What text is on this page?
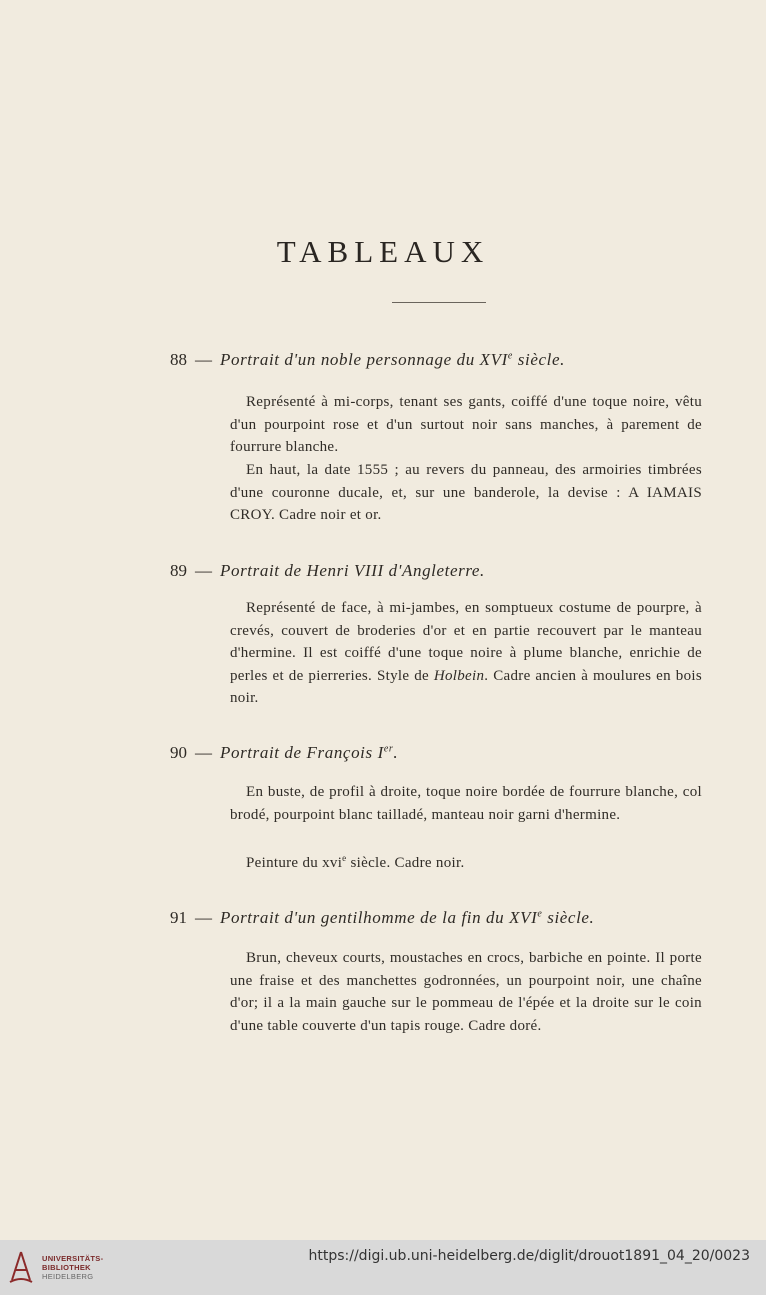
TABLEAUX
88 — Portrait d'un noble personnage du XVIe siècle.
Représenté à mi-corps, tenant ses gants, coiffé d'une toque noire, vêtu d'un pourpoint rose et d'un surtout noir sans manches, à parement de fourrure blanche.
En haut, la date 1555 ; au revers du panneau, des armoiries timbrées d'une couronne ducale, et, sur une banderole, la devise : A IAMAIS CROY. Cadre noir et or.
89 — Portrait de Henri VIII d'Angleterre.
Représenté de face, à mi-jambes, en somptueux costume de pourpre, à crevés, couvert de broderies d'or et en partie recouvert par le manteau d'hermine. Il est coiffé d'une toque noire à plume blanche, enrichie de perles et de pierreries. Style de Holbein. Cadre ancien à moulures en bois noir.
90 — Portrait de François Ier.
En buste, de profil à droite, toque noire bordée de fourrure blanche, col brodé, pourpoint blanc tailladé, manteau noir garni d'hermine.
Peinture du xvi$^e$ siècle. Cadre noir.
91 — Portrait d'un gentilhomme de la fin du XVIe siècle.
Brun, cheveux courts, moustaches en crocs, barbiche en pointe. Il porte une fraise et des manchettes godronnées, un pourpoint noir, une chaîne d'or; il a la main gauche sur le pommeau de l'épée et la droite sur le coin d'une table couverte d'un tapis rouge. Cadre doré.
UNIVERSITÄTS-
BIBLIOTHEK
HEIDELBERG
https://digi.ub.uni-heidelberg.de/diglit/drouot1891_04_20/0023
